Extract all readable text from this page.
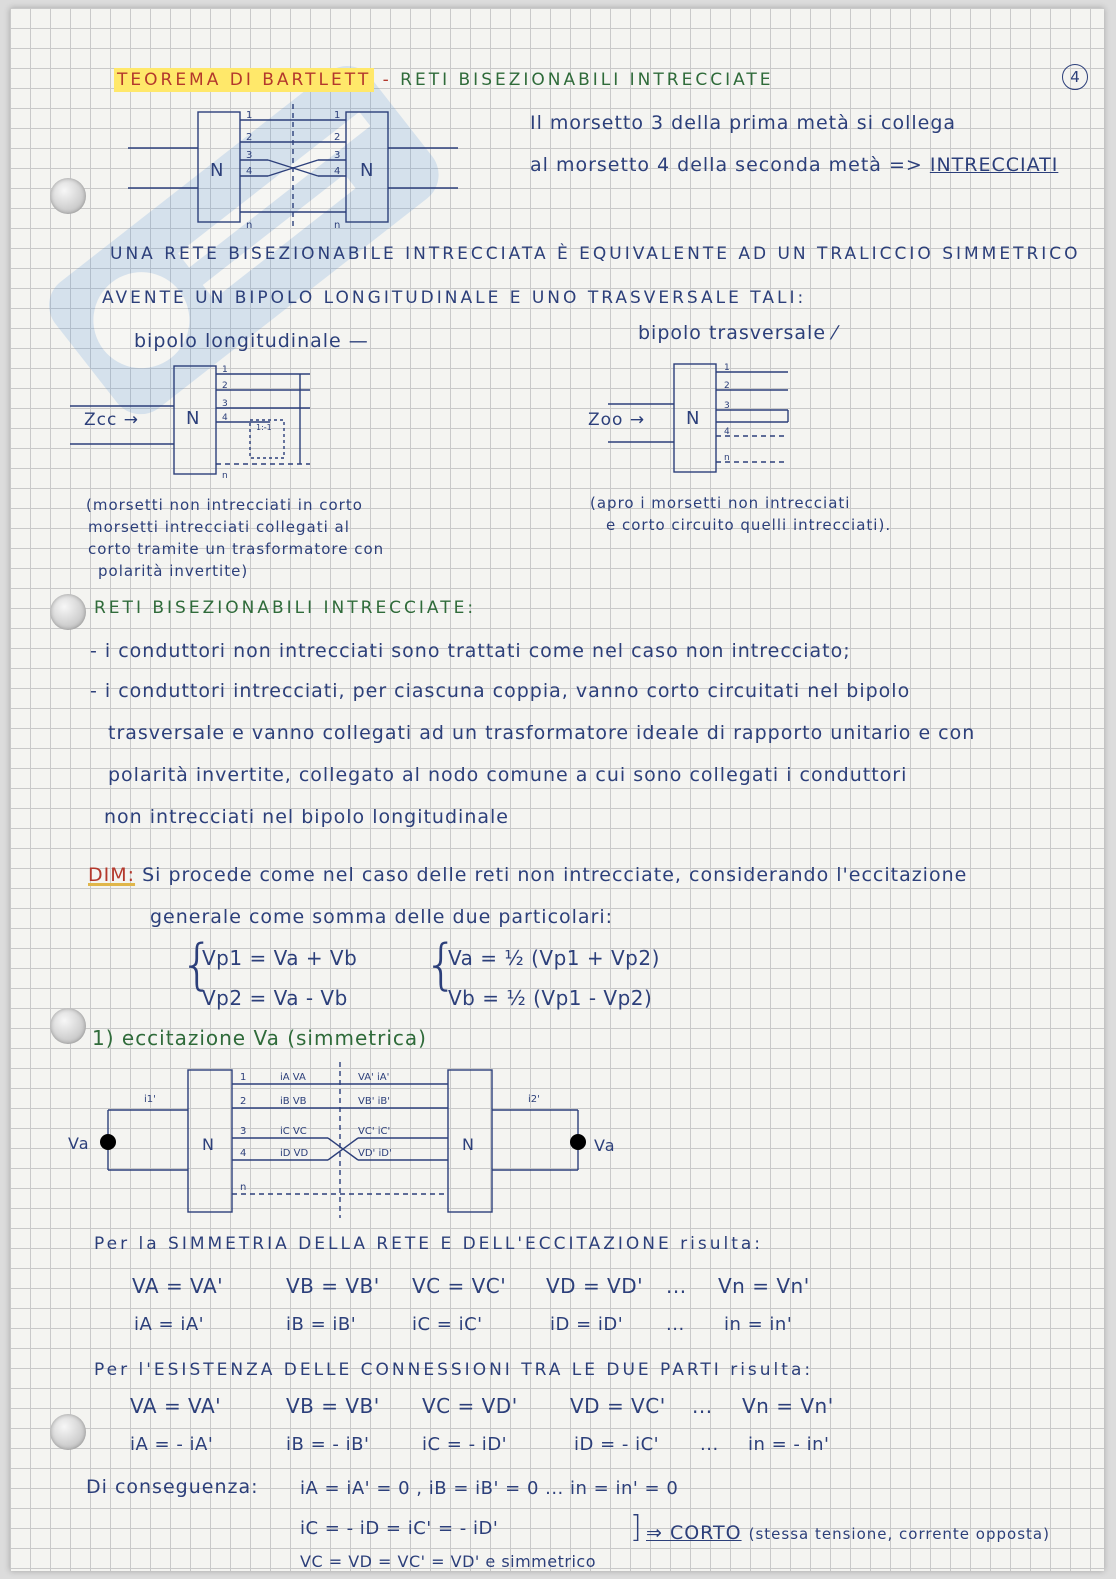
4
TEOREMA DI BARTLETT - RETI BISEZIONABILI INTRECCIATE
N	N
1
2
3
4
n
1
2
3
4
n
Il morsetto 3 della prima metà si collega
al morsetto 4 della seconda metà => INTRECCIATI
UNA RETE BISEZIONABILE INTRECCIATA È EQUIVALENTE AD UN TRALICCIO SIMMETRICO
AVENTE UN BIPOLO LONGITUDINALE E UNO TRASVERSALE TALI:
bipolo longitudinale —	bipolo trasversale ⁄
N
1
2
3
4
n
1:-1
Zcc →	N
1
2
3
4
n
Zoo →
(morsetti non intrecciati in corto
morsetti intrecciati collegati al
corto tramite un trasformatore con
polarità invertite)
(apro i morsetti non intrecciati
e corto circuito quelli intrecciati).
RETI BISEZIONABILI INTRECCIATE:
- i conduttori non intrecciati sono trattati come nel caso non intrecciato;
- i conduttori intrecciati, per ciascuna coppia, vanno corto circuitati nel bipolo
trasversale e vanno collegati ad un trasformatore ideale di rapporto unitario e con
polarità invertite, collegato al nodo comune a cui sono collegati i conduttori
non intrecciati nel bipolo longitudinale
DIM: Si procede come nel caso delle reti non intrecciate, considerando l'eccitazione
generale come somma delle due particolari:
{
Vp1 = Va + Vb
Vp2 = Va - Vb
{
Va = ½ (Vp1 + Vp2)
Vb = ½ (Vp1 - Vp2)
1) eccitazione Va (simmetrica)
N	N
1
2
3
4
n
iA VA
iB VB
iC VC
iD VD
VA' iA'
VB' iB'
VC' iC'
VD' iD'
i1'	i2'
Va	Va
Per la SIMMETRIA DELLA RETE E DELL'ECCITAZIONE risulta:
VA = VA'	VB = VB' VC = VC' VD = VD' ... Vn = Vn'
iA = iA'	iB = iB'	iC = iC'	iD = iD' ... in = in'
Per l'ESISTENZA DELLE CONNESSIONI TRA LE DUE PARTI risulta:
VA = VA'	VB = VB' VC = VD'	VD = VC' ... Vn = Vn'
iA = - iA'	iB = - iB'	iC = - iD'	iD = - iC' ... in = - in'
Di conseguenza: iA = iA' = 0 , iB = iB' = 0 ... in = in' = 0
iC = - iD = iC' = - iD'
VC = VD = VC' = VD' e simmetrico
] ⇒ CORTO (stessa tensione, corrente opposta)
